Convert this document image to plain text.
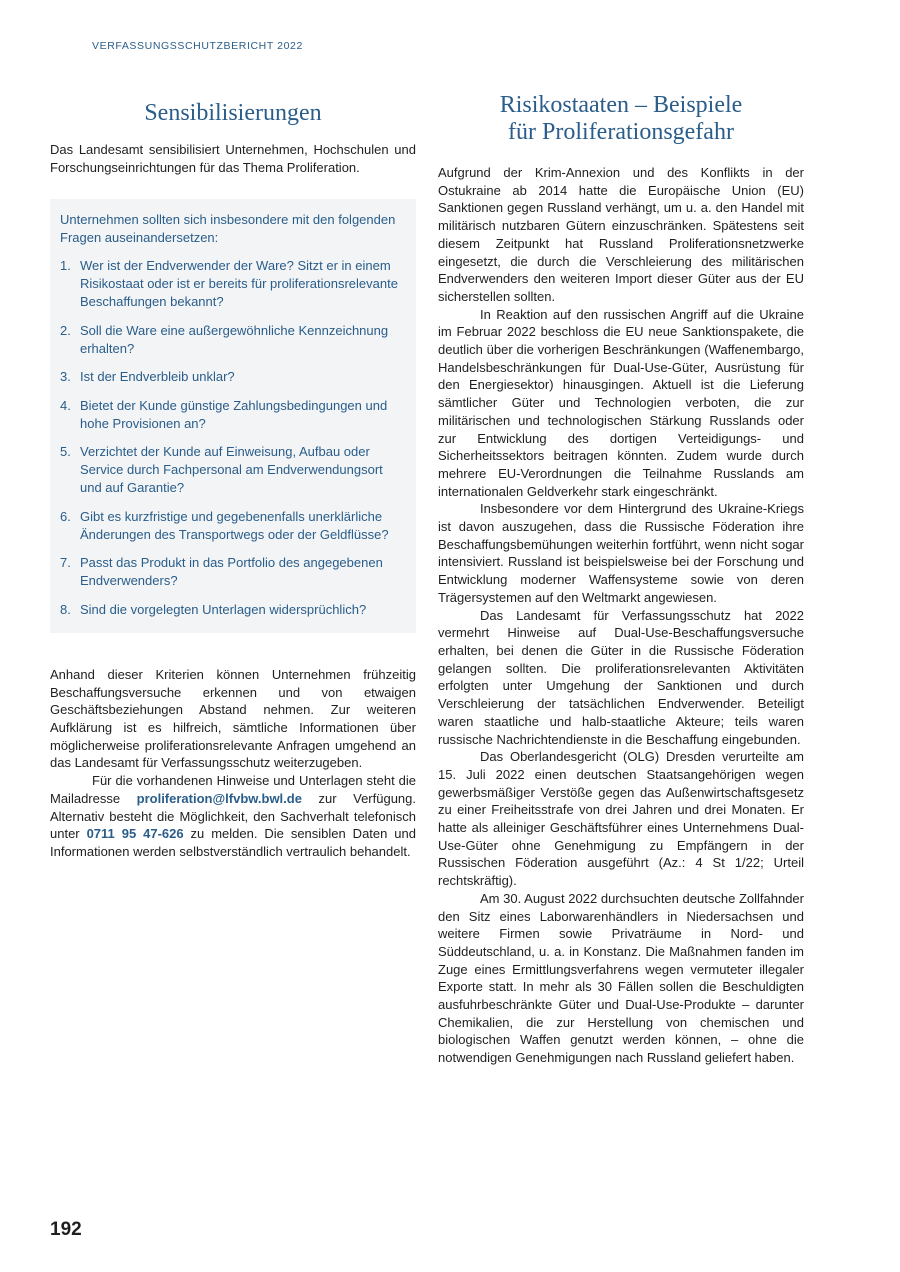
VERFASSUNGSSCHUTZBERICHT 2022
Sensibilisierungen

Das Landesamt sensibilisiert Unternehmen, Hochschulen und Forschungseinrichtungen für das Thema Proliferation.

Unternehmen sollten sich insbesondere mit den folgenden Fragen auseinandersetzen:
1. Wer ist der Endverwender der Ware? Sitzt er in einem Risikostaat oder ist er bereits für proliferationsrelevante Beschaffungen bekannt?
2. Soll die Ware eine außergewöhnliche Kennzeichnung erhalten?
3. Ist der Endverbleib unklar?
4. Bietet der Kunde günstige Zahlungsbedingungen und hohe Provisionen an?
5. Verzichtet der Kunde auf Einweisung, Aufbau oder Service durch Fachpersonal am Endverwendungsort und auf Garantie?
6. Gibt es kurzfristige und gegebenenfalls unerklärliche Änderungen des Transportwegs oder der Geldflüsse?
7. Passt das Produkt in das Portfolio des angegebenen Endverwenders?
8. Sind die vorgelegten Unterlagen widersprüchlich?

Anhand dieser Kriterien können Unternehmen frühzeitig Beschaffungsversuche erkennen und von etwaigen Geschäftsbeziehungen Abstand nehmen. Zur weiteren Aufklärung ist es hilfreich, sämtliche Informationen über möglicherweise proliferationsrelevante Anfragen umgehend an das Landesamt für Verfassungsschutz weiterzugeben.

Für die vorhandenen Hinweise und Unterlagen steht die Mailadresse proliferation@lfvbw.bwl.de zur Verfügung. Alternativ besteht die Möglichkeit, den Sachverhalt telefonisch unter 0711 95 47-626 zu melden. Die sensiblen Daten und Informationen werden selbstverständlich vertraulich behandelt.

Risikostaaten – Beispiele
für Proliferationsgefahr

Aufgrund der Krim-Annexion und des Konflikts in der Ostukraine ab 2014 hatte die Europäische Union (EU) Sanktionen gegen Russland verhängt, um u. a. den Handel mit militärisch nutzbaren Gütern einzuschränken. Spätestens seit diesem Zeitpunkt hat Russland Proliferationsnetzwerke eingesetzt, die durch die Verschleierung des militärischen Endverwenders den weiteren Import dieser Güter aus der EU sicherstellen sollten.

In Reaktion auf den russischen Angriff auf die Ukraine im Februar 2022 beschloss die EU neue Sanktionspakete, die deutlich über die vorherigen Beschränkungen (Waffenembargo, Handelsbeschränkungen für Dual-Use-Güter, Ausrüstung für den Energiesektor) hinausgingen. Aktuell ist die Lieferung sämtlicher Güter und Technologien verboten, die zur militärischen und technologischen Stärkung Russlands oder zur Entwicklung des dortigen Verteidigungs- und Sicherheitssektors beitragen könnten. Zudem wurde durch mehrere EU-Verordnungen die Teilnahme Russlands am internationalen Geldverkehr stark eingeschränkt.

Insbesondere vor dem Hintergrund des Ukraine-Kriegs ist davon auszugehen, dass die Russische Föderation ihre Beschaffungsbemühungen weiterhin fortführt, wenn nicht sogar intensiviert. Russland ist beispielsweise bei der Forschung und Entwicklung moderner Waffensysteme sowie von deren Trägersystemen auf den Weltmarkt angewiesen.

Das Landesamt für Verfassungsschutz hat 2022 vermehrt Hinweise auf Dual-Use-Beschaffungsversuche erhalten, bei denen die Güter in die Russische Föderation gelangen sollten. Die proliferationsrelevanten Aktivitäten erfolgten unter Umgehung der Sanktionen und durch Verschleierung der tatsächlichen Endverwender. Beteiligt waren staatliche und halb-staatliche Akteure; teils waren russische Nachrichtendienste in die Beschaffung eingebunden.

Das Oberlandesgericht (OLG) Dresden verurteilte am 15. Juli 2022 einen deutschen Staatsangehörigen wegen gewerbsmäßiger Verstöße gegen das Außenwirtschaftsgesetz zu einer Freiheitsstrafe von drei Jahren und drei Monaten. Er hatte als alleiniger Geschäftsführer eines Unternehmens Dual-Use-Güter ohne Genehmigung zu Empfängern in der Russischen Föderation ausgeführt (Az.: 4 St 1/22; Urteil rechtskräftig).

Am 30. August 2022 durchsuchten deutsche Zollfahnder den Sitz eines Laborwarenhändlers in Niedersachsen und weitere Firmen sowie Privaträume in Nord- und Süddeutschland, u. a. in Konstanz. Die Maßnahmen fanden im Zuge eines Ermittlungsverfahrens wegen vermuteter illegaler Exporte statt. In mehr als 30 Fällen sollen die Beschuldigten ausfuhrbeschränkte Güter und Dual-Use-Produkte – darunter Chemikalien, die zur Herstellung von chemischen und biologischen Waffen genutzt werden können, – ohne die notwendigen Genehmigungen nach Russland geliefert haben.

192
